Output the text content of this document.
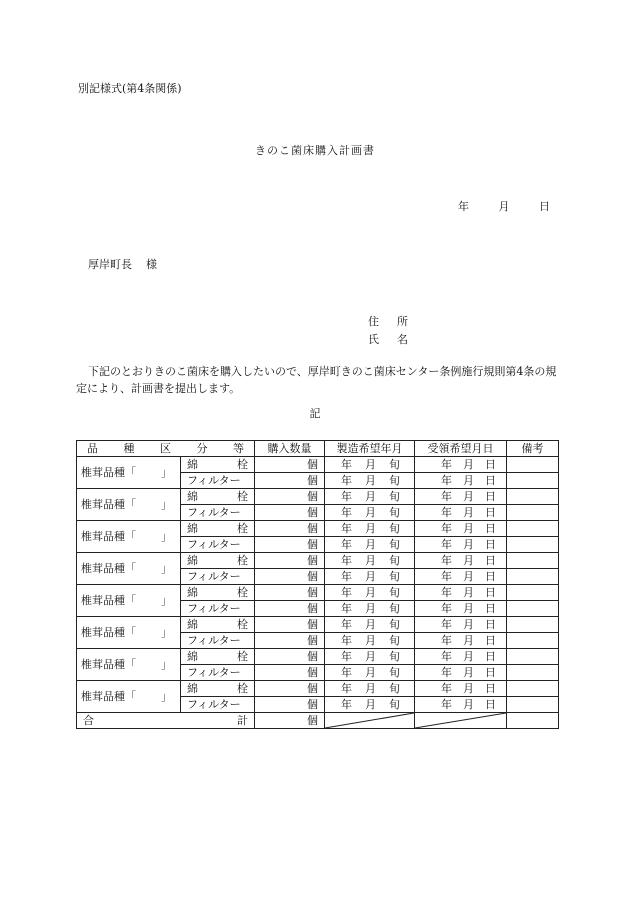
別記様式(第4条関係)
きのこ菌床購入計画書
年	月	日
厚岸町長 様
住 所
氏 名
下記のとおりきのこ菌床を購入したいので、厚岸町きのこ菌床センター条例施行規則第4条の規定により、計画書を提出します。
記
品 種 区 分 等		購入数量	製造希望年月	受領希望月日	備考

椎茸品種「 」	綿 栓	個	年 月 旬	年 月 日	

	フィルター	個	年 月 旬	年 月 日	

椎茸品種「 」	綿 栓	個	年 月 旬	年 月 日	

	フィルター	個	年 月 旬	年 月 日	

椎茸品種「 」	綿 栓	個	年 月 旬	年 月 日	

	フィルター	個	年 月 旬	年 月 日	

椎茸品種「 」	綿 栓	個	年 月 旬	年 月 日	

	フィルター	個	年 月 旬	年 月 日	

椎茸品種「 」	綿 栓	個	年 月 旬	年 月 日	

	フィルター	個	年 月 旬	年 月 日	

椎茸品種「 」	綿 栓	個	年 月 旬	年 月 日	

	フィルター	個	年 月 旬	年 月 日	

椎茸品種「 」	綿 栓	個	年 月 旬	年 月 日	

	フィルター	個	年 月 旬	年 月 日	

椎茸品種「 」	綿 栓	個	年 月 旬	年 月 日	

	フィルター	個	年 月 旬	年 月 日	

合 計		個	
